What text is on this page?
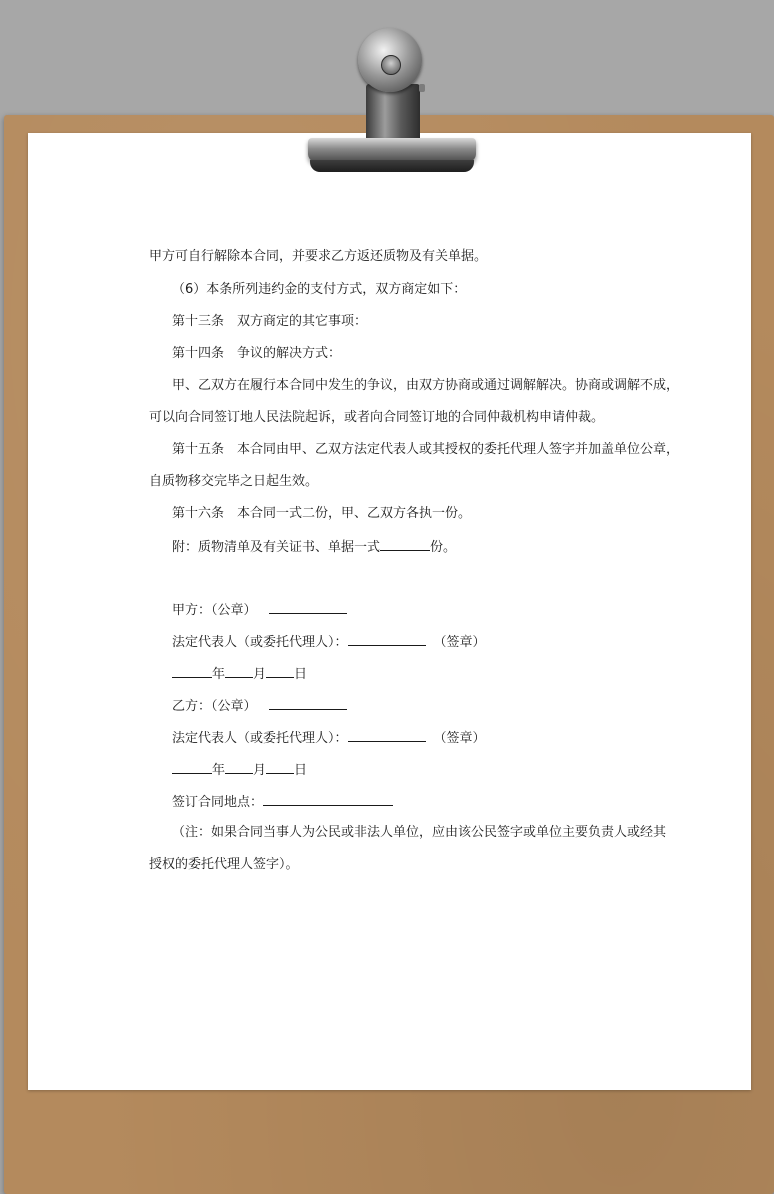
甲方可自行解除本合同，并要求乙方返还质物及有关单据。
（6）本条所列违约金的支付方式，双方商定如下：
第十三条　双方商定的其它事项：
第十四条　争议的解决方式：
甲、乙双方在履行本合同中发生的争议，由双方协商或通过调解解决。协商或调解不成，
可以向合同签订地人民法院起诉，或者向合同签订地的合同仲裁机构申请仲裁。
第十五条　本合同由甲、乙双方法定代表人或其授权的委托代理人签字并加盖单位公章，
自质物移交完毕之日起生效。
第十六条　本合同一式二份，甲、乙双方各执一份。
附：质物清单及有关证书、单据一式	份。
甲方：（公章）
法定代表人（或委托代理人）：	（签章）
年 月 日
乙方：（公章）
法定代表人（或委托代理人）：	（签章）
年 月 日
签订合同地点：
（注：如果合同当事人为公民或非法人单位，应由该公民签字或单位主要负责人或经其
授权的委托代理人签字）。
